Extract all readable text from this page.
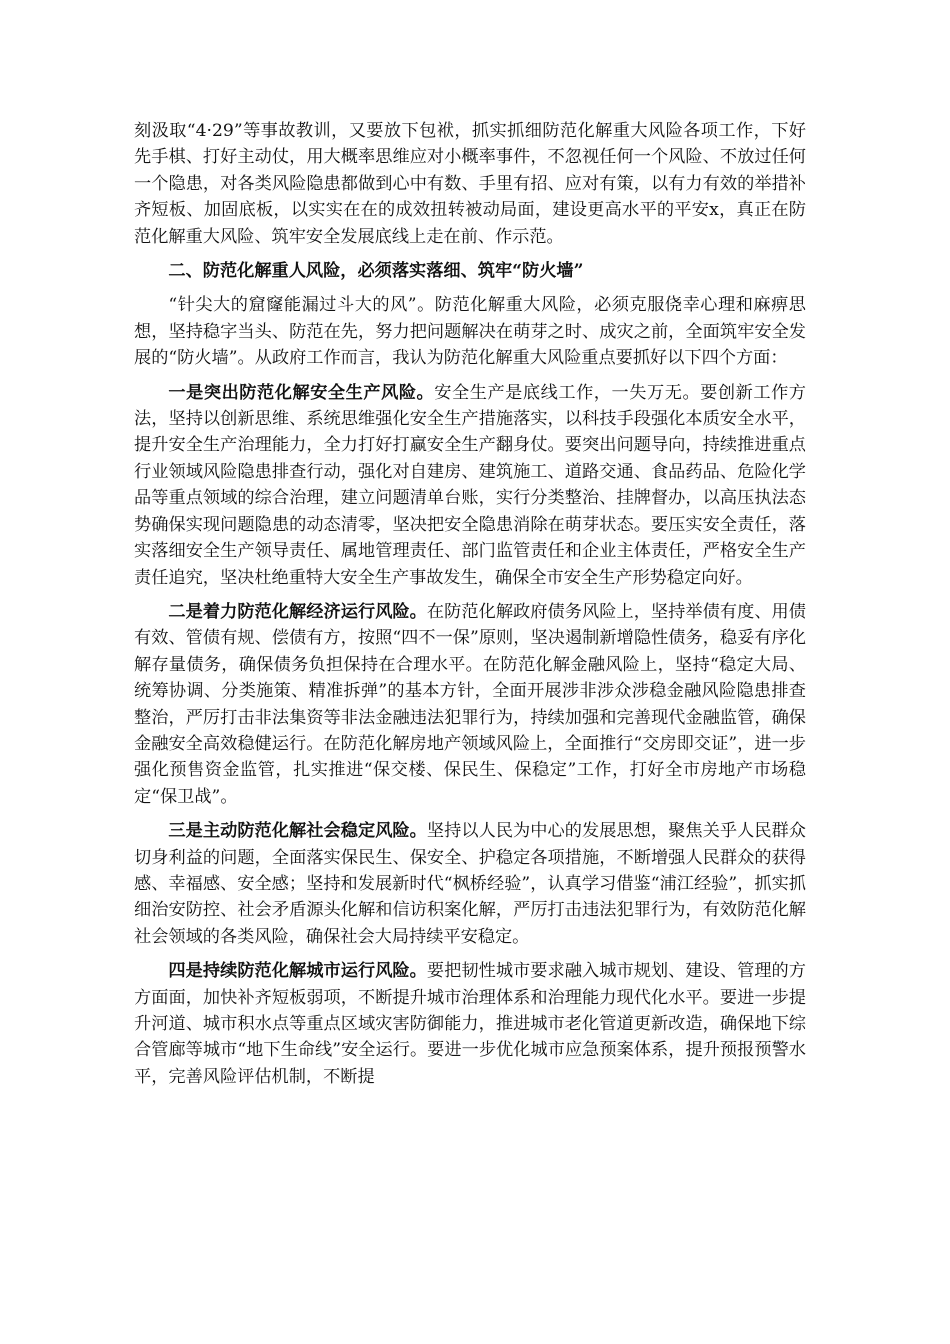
刻汲取“4·29”等事故教训，又要放下包袱，抓实抓细防范化解重大风险各项工作，下好先手棋、打好主动仗，用大概率思维应对小概率事件，不忽视任何一个风险、不放过任何一个隐患，对各类风险隐患都做到心中有数、手里有招、应对有策，以有力有效的举措补齐短板、加固底板，以实实在在的成效扭转被动局面，建设更高水平的平安x，真正在防范化解重大风险、筑牢安全发展底线上走在前、作示范。

二、防范化解重人风险，必须落实落细、筑牢“防火墙”

“针尖大的窟窿能漏过斗大的风”。防范化解重大风险，必须克服侥幸心理和麻痹思想，坚持稳字当头、防范在先，努力把问题解决在萌芽之时、成灾之前，全面筑牢安全发展的“防火墙”。从政府工作而言，我认为防范化解重大风险重点要抓好以下四个方面：

一是突出防范化解安全生产风险。安全生产是底线工作，一失万无。要创新工作方法，坚持以创新思维、系统思维强化安全生产措施落实，以科技手段强化本质安全水平，提升安全生产治理能力，全力打好打赢安全生产翻身仗。要突出问题导向，持续推进重点行业领域风险隐患排查行动，强化对自建房、建筑施工、道路交通、食品药品、危险化学品等重点领域的综合治理，建立问题清单台账，实行分类整治、挂牌督办，以高压执法态势确保实现问题隐患的动态清零，坚决把安全隐患消除在萌芽状态。要压实安全责任，落实落细安全生产领导责任、属地管理责任、部门监管责任和企业主体责任，严格安全生产责任追究，坚决杜绝重特大安全生产事故发生，确保全市安全生产形势稳定向好。

二是着力防范化解经济运行风险。在防范化解政府债务风险上，坚持举债有度、用债有效、管债有规、偿债有方，按照“四不一保”原则，坚决遏制新增隐性债务，稳妥有序化解存量债务，确保债务负担保持在合理水平。在防范化解金融风险上，坚持“稳定大局、统筹协调、分类施策、精准拆弹”的基本方针，全面开展涉非涉众涉稳金融风险隐患排查整治，严厉打击非法集资等非法金融违法犯罪行为，持续加强和完善现代金融监管，确保金融安全高效稳健运行。在防范化解房地产领域风险上，全面推行“交房即交证”，进一步强化预售资金监管，扎实推进“保交楼、保民生、保稳定”工作，打好全市房地产市场稳定“保卫战”。

三是主动防范化解社会稳定风险。坚持以人民为中心的发展思想，聚焦关乎人民群众切身利益的问题，全面落实保民生、保安全、护稳定各项措施，不断增强人民群众的获得感、幸福感、安全感；坚持和发展新时代“枫桥经验”，认真学习借鉴“浦江经验”，抓实抓细治安防控、社会矛盾源头化解和信访积案化解，严厉打击违法犯罪行为，有效防范化解社会领域的各类风险，确保社会大局持续平安稳定。

四是持续防范化解城市运行风险。要把韧性城市要求融入城市规划、建设、管理的方方面面，加快补齐短板弱项，不断提升城市治理体系和治理能力现代化水平。要进一步提升河道、城市积水点等重点区域灾害防御能力，推进城市老化管道更新改造，确保地下综合管廊等城市“地下生命线”安全运行。要进一步优化城市应急预案体系，提升预报预警水平，完善风险评估机制，不断提
